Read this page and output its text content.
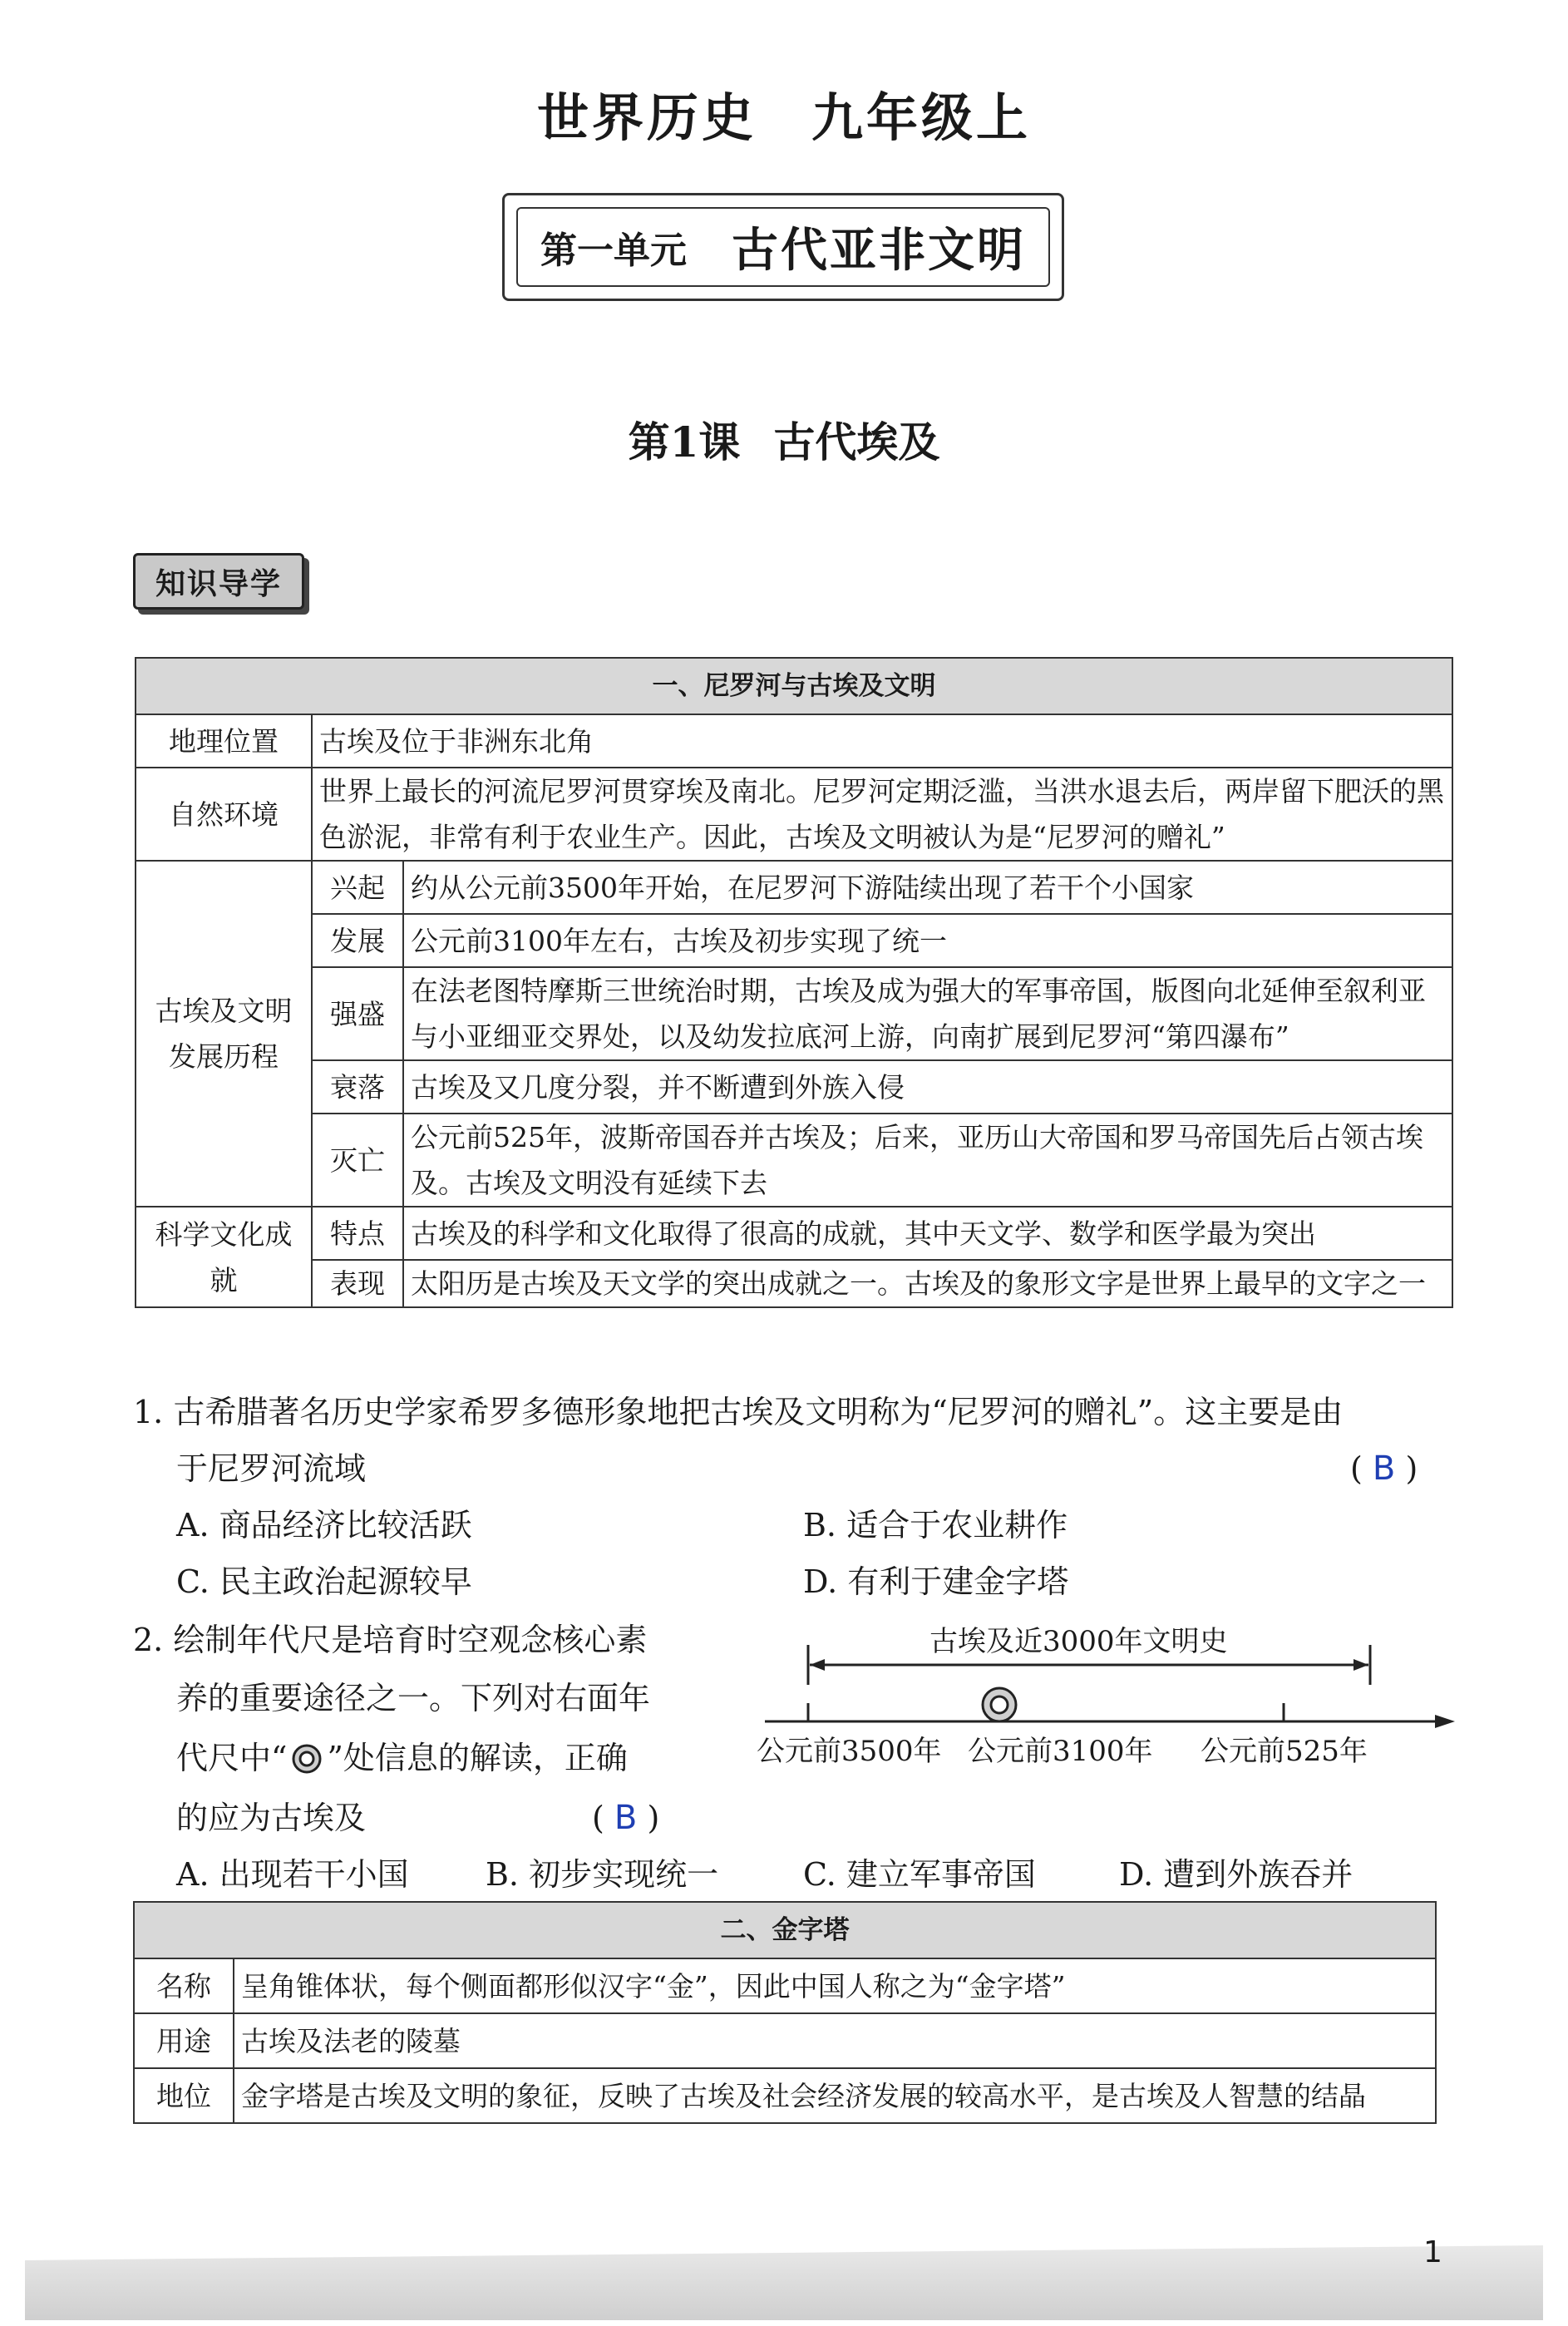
世界历史　九年级上
第一单元 古代亚非文明
第1课 古代埃及
知识导学
一、尼罗河与古埃及文明		
地理位置	古埃及位于非洲东北角	
自然环境	世界上最长的河流尼罗河贯穿埃及南北。尼罗河定期泛滥，当洪水退去后，两岸留下肥沃的黑色淤泥，非常有利于农业生产。因此，古埃及文明被认为是“尼罗河的赠礼”	
古埃及文明发展历程	兴起	约从公元前3500年开始，在尼罗河下游陆续出现了若干个小国家
	发展	公元前3100年左右，古埃及初步实现了统一
	强盛	在法老图特摩斯三世统治时期，古埃及成为强大的军事帝国，版图向北延伸至叙利亚与小亚细亚交界处，以及幼发拉底河上游，向南扩展到尼罗河“第四瀑布”
	衰落	古埃及又几度分裂，并不断遭到外族入侵
	灭亡	公元前525年，波斯帝国吞并古埃及；后来，亚历山大帝国和罗马帝国先后占领古埃及。古埃及文明没有延续下去
科学文化成就	特点	古埃及的科学和文化取得了很高的成就，其中天文学、数学和医学最为突出
	表现	太阳历是古埃及天文学的突出成就之一。古埃及的象形文字是世界上最早的文字之一
1. 古希腊著名历史学家希罗多德形象地把古埃及文明称为“尼罗河的赠礼”。这主要是由
于尼罗河流域	( B )
A. 商品经济比较活跃	B. 适合于农业耕作
C. 民主政治起源较早	D. 有利于建金字塔
2. 绘制年代尺是培育时空观念核心素
养的重要途径之一。下列对右面年
代尺中“ ”处信息的解读，正确
的应为古埃及	( B )
古埃及近3000年文明史
公元前3500年 公元前3100年 公元前525年
A. 出现若干小国 B. 初步实现统一	C. 建立军事帝国	D. 遭到外族吞并
二、金字塔	
名称	呈角锥体状，每个侧面都形似汉字“金”，因此中国人称之为“金字塔”
用途	古埃及法老的陵墓
地位	金字塔是古埃及文明的象征，反映了古埃及社会经济发展的较高水平，是古埃及人智慧的结晶
1
